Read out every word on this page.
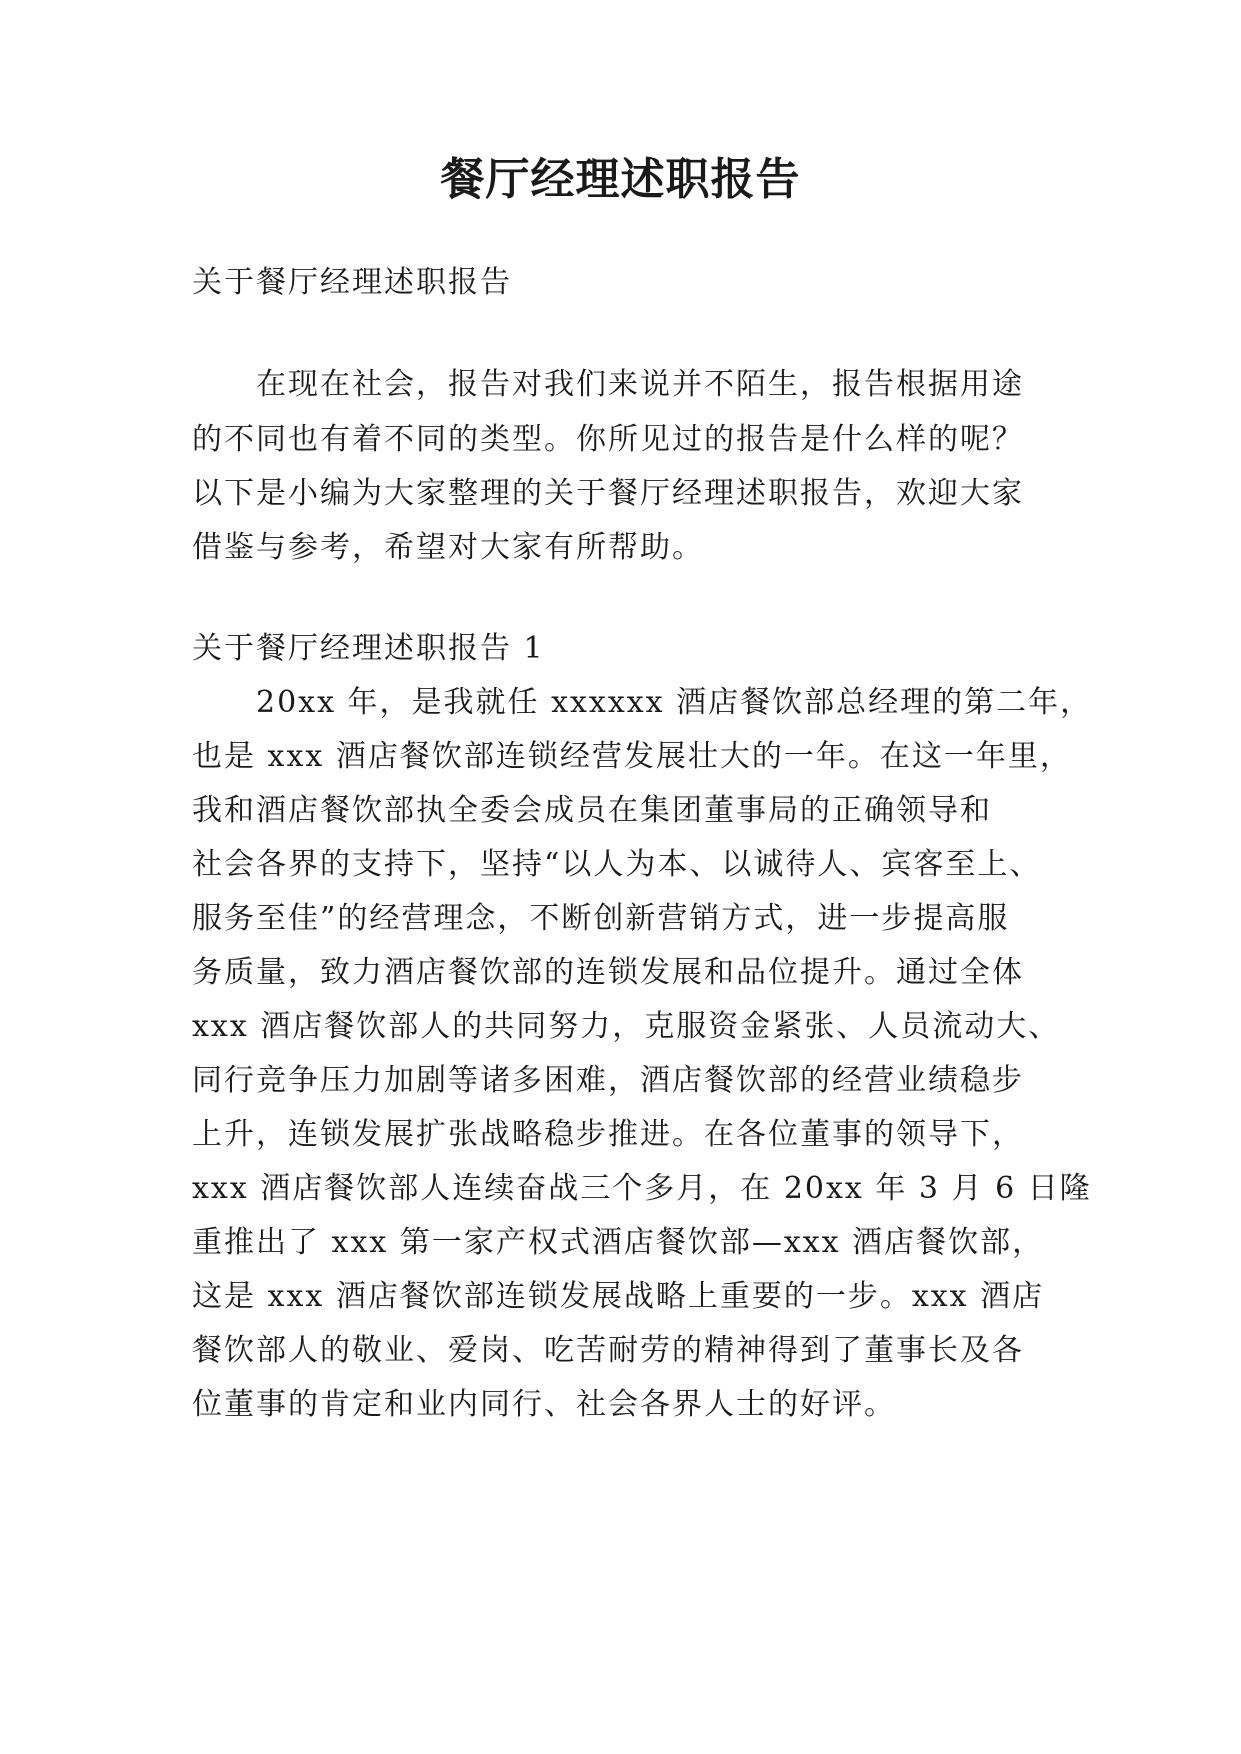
餐厅经理述职报告

关于餐厅经理述职报告

在现在社会，报告对我们来说并不陌生，报告根据用途

的不同也有着不同的类型。你所见过的报告是什么样的呢？

以下是小编为大家整理的关于餐厅经理述职报告，欢迎大家

借鉴与参考，希望对大家有所帮助。

关于餐厅经理述职报告 1

20xx 年，是我就任 xxxxxx 酒店餐饮部总经理的第二年，

也是 xxx 酒店餐饮部连锁经营发展壮大的一年。在这一年里，

我和酒店餐饮部执全委会成员在集团董事局的正确领导和

社会各界的支持下，坚持“以人为本、以诚待人、宾客至上、

服务至佳”的经营理念，不断创新营销方式，进一步提高服

务质量，致力酒店餐饮部的连锁发展和品位提升。通过全体

xxx 酒店餐饮部人的共同努力，克服资金紧张、人员流动大、

同行竞争压力加剧等诸多困难，酒店餐饮部的经营业绩稳步

上升，连锁发展扩张战略稳步推进。在各位董事的领导下，

xxx 酒店餐饮部人连续奋战三个多月，在 20xx 年 3 月 6 日隆

重推出了 xxx 第一家产权式酒店餐饮部—xxx 酒店餐饮部，

这是 xxx 酒店餐饮部连锁发展战略上重要的一步。xxx 酒店

餐饮部人的敬业、爱岗、吃苦耐劳的精神得到了董事长及各

位董事的肯定和业内同行、社会各界人士的好评。
